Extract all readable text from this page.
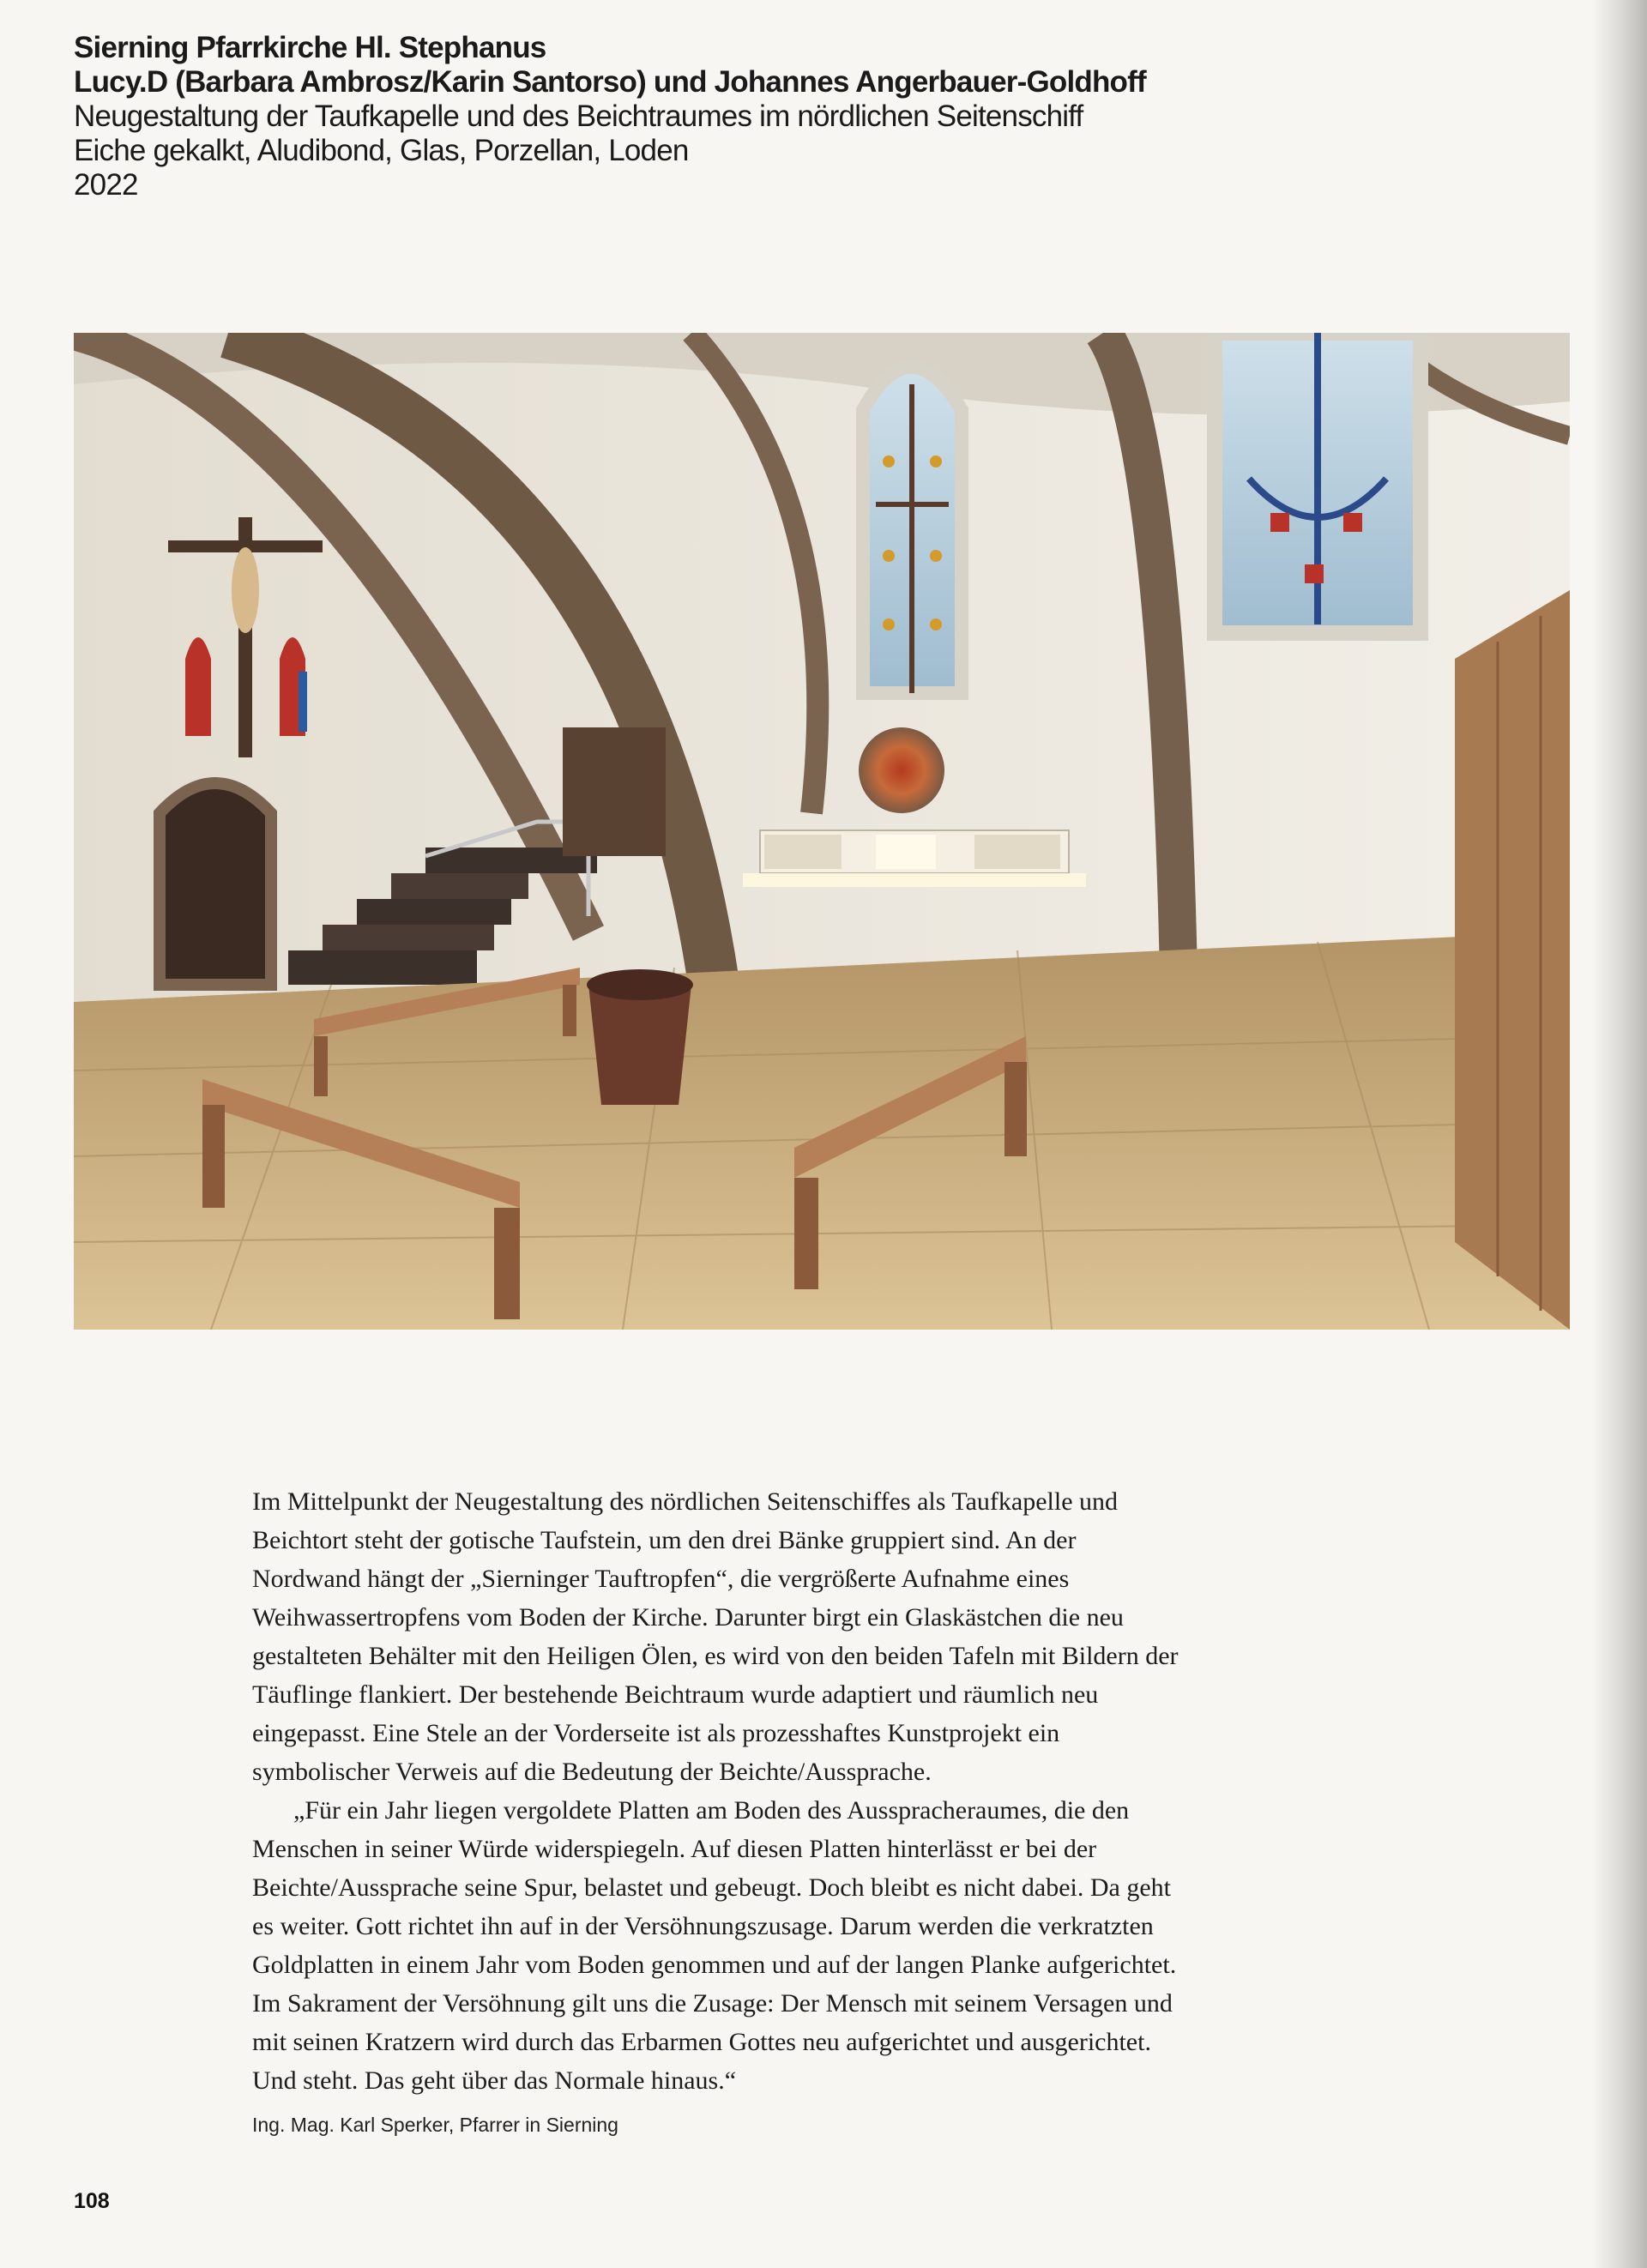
Sierning Pfarrkirche Hl. Stephanus
Lucy.D (Barbara Ambrosz/Karin Santorso) und Johannes Angerbauer-Goldhoff
Neugestaltung der Taufkapelle und des Beichtraumes im nördlichen Seitenschiff
Eiche gekalkt, Aludibond, Glas, Porzellan, Loden
2022

Im Mittelpunkt der Neugestaltung des nördlichen Seitenschiffes als Taufkapelle und Beichtort steht der gotische Taufstein, um den drei Bänke gruppiert sind. An der Nordwand hängt der „Sierninger Tauftropfen“, die vergrößerte Aufnahme eines Weihwassertropfens vom Boden der Kirche. Darunter birgt ein Glaskästchen die neu gestalteten Behälter mit den Heiligen Ölen, es wird von den beiden Tafeln mit Bildern der Täuflinge flankiert. Der bestehende Beichtraum wurde adaptiert und räumlich neu eingepasst. Eine Stele an der Vorderseite ist als prozesshaftes Kunstprojekt ein symbolischer Verweis auf die Bedeutung der Beichte/Aussprache.

„Für ein Jahr liegen vergoldete Platten am Boden des Ausspracheraumes, die den Menschen in seiner Würde widerspiegeln. Auf diesen Platten hinterlässt er bei der Beichte/Aussprache seine Spur, belastet und gebeugt. Doch bleibt es nicht dabei. Da geht es weiter. Gott richtet ihn auf in der Versöhnungszusage. Darum werden die verkratzten Goldplatten in einem Jahr vom Boden genommen und auf der langen Planke aufgerichtet. Im Sakrament der Versöhnung gilt uns die Zusage: Der Mensch mit seinem Versagen und mit seinen Kratzern wird durch das Erbarmen Gottes neu aufgerichtet und ausgerichtet. Und steht. Das geht über das Normale hinaus.“

Ing. Mag. Karl Sperker, Pfarrer in Sierning
108
